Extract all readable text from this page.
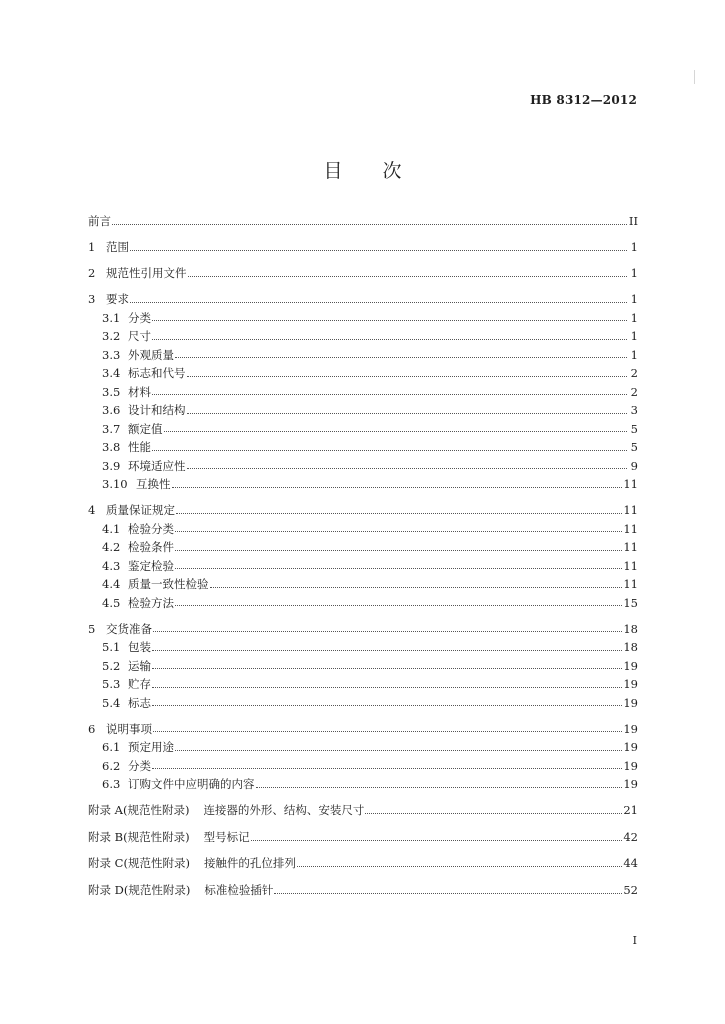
HB 8312—2012
目次
前言	II
1 范围	1
2 规范性引用文件	1
3 要求	1
3.1 分类	1
3.2 尺寸	1
3.3 外观质量	1
3.4 标志和代号	2
3.5 材料	2
3.6 设计和结构	3
3.7 额定值	5
3.8 性能	5
3.9 环境适应性	9
3.10 互换性	11
4 质量保证规定	11
4.1 检验分类	11
4.2 检验条件	11
4.3 鉴定检验	11
4.4 质量一致性检验	11
4.5 检验方法	15
5 交货准备	18
5.1 包装	18
5.2 运输	19
5.3 贮存	19
5.4 标志	19
6 说明事项	19
6.1 预定用途	19
6.2 分类	19
6.3 订购文件中应明确的内容	19
附录 A(规范性附录) 连接器的外形、结构、安装尺寸	21
附录 B(规范性附录) 型号标记	42
附录 C(规范性附录) 接触件的孔位排列	44
附录 D(规范性附录) 标准检验插针	52
I
